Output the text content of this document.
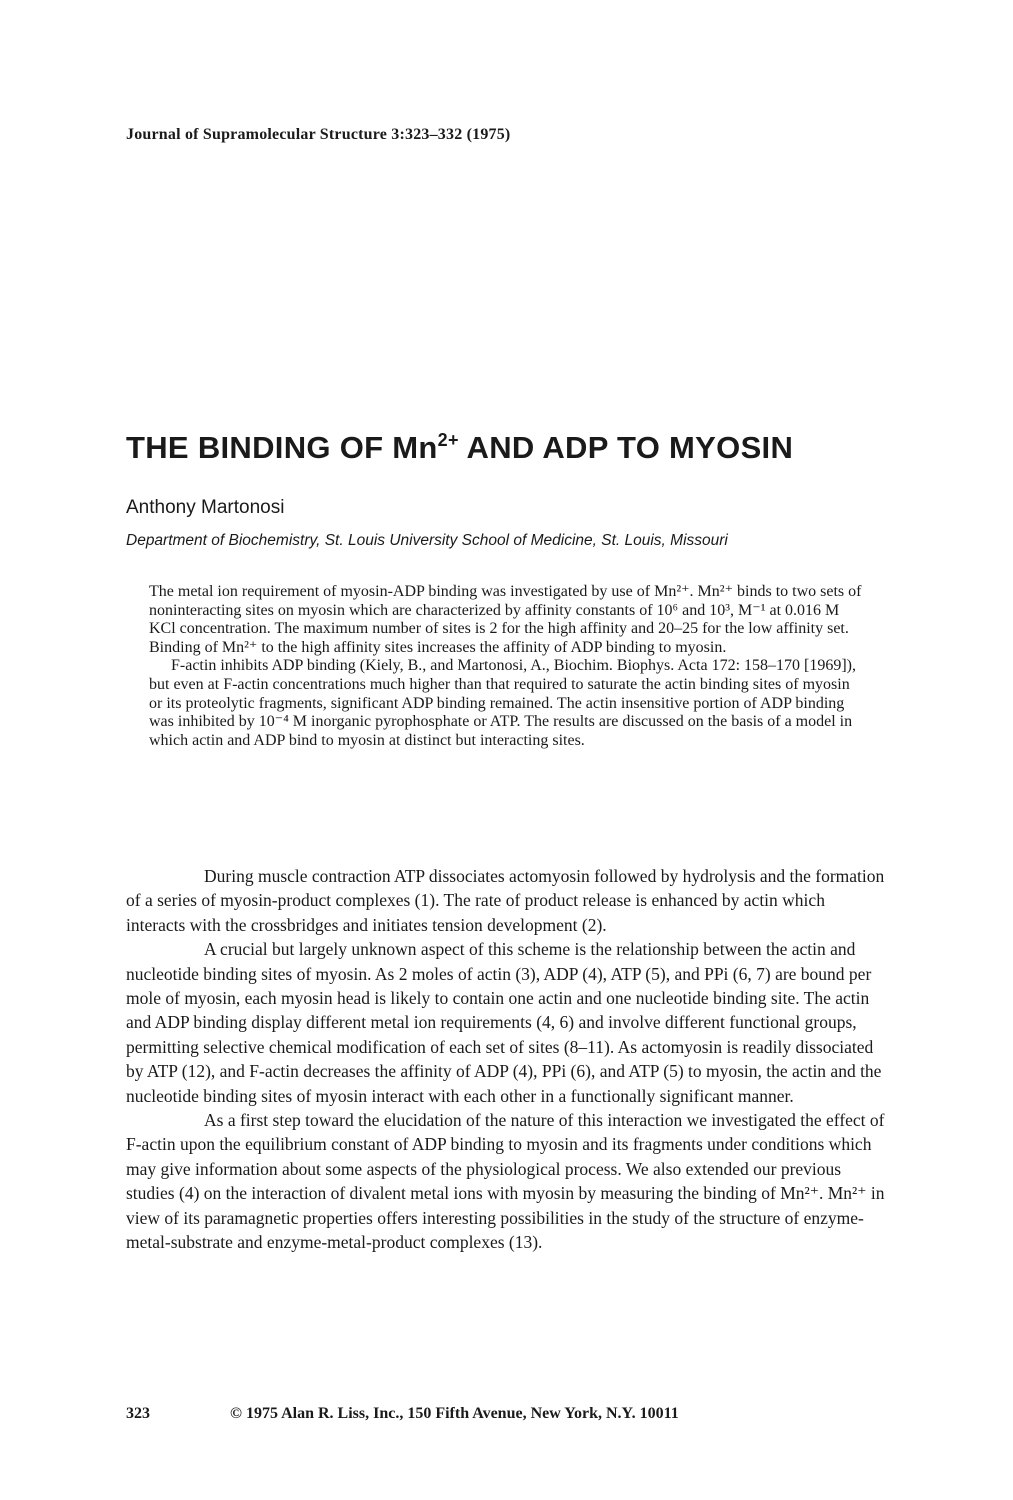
Journal of Supramolecular Structure 3:323–332 (1975)
THE BINDING OF $Mn^{2+}$ AND ADP TO MYOSIN
Anthony Martonosi
Department of Biochemistry, St. Louis University School of Medicine, St. Louis, Missouri

The metal ion requirement of myosin-ADP binding was investigated by use of Mn²⁺. Mn²⁺ binds to two sets of noninteracting sites on myosin which are characterized by affinity constants of 10⁶ and 10³, M⁻¹ at 0.016 M KCl concentration. The maximum number of sites is 2 for the high affinity and 20–25 for the low affinity set. Binding of Mn²⁺ to the high affinity sites increases the affinity of ADP binding to myosin.

F-actin inhibits ADP binding (Kiely, B., and Martonosi, A., Biochim. Biophys. Acta 172: 158–170 [1969]), but even at F-actin concentrations much higher than that required to saturate the actin binding sites of myosin or its proteolytic fragments, significant ADP binding remained. The actin insensitive portion of ADP binding was inhibited by 10⁻⁴ M inorganic pyrophosphate or ATP. The results are discussed on the basis of a model in which actin and ADP bind to myosin at distinct but interacting sites.

During muscle contraction ATP dissociates actomyosin followed by hydrolysis and the formation of a series of myosin-product complexes (1). The rate of product release is enhanced by actin which interacts with the crossbridges and initiates tension development (2).

A crucial but largely unknown aspect of this scheme is the relationship between the actin and nucleotide binding sites of myosin. As 2 moles of actin (3), ADP (4), ATP (5), and PPi (6, 7) are bound per mole of myosin, each myosin head is likely to contain one actin and one nucleotide binding site. The actin and ADP binding display different metal ion requirements (4, 6) and involve different functional groups, permitting selective chemical modification of each set of sites (8–11). As actomyosin is readily dissociated by ATP (12), and F-actin decreases the affinity of ADP (4), PPi (6), and ATP (5) to myosin, the actin and the nucleotide binding sites of myosin interact with each other in a functionally significant manner.

As a first step toward the elucidation of the nature of this interaction we investigated the effect of F-actin upon the equilibrium constant of ADP binding to myosin and its fragments under conditions which may give information about some aspects of the physiological process. We also extended our previous studies (4) on the interaction of divalent metal ions with myosin by measuring the binding of Mn²⁺. Mn²⁺ in view of its paramagnetic properties offers interesting possibilities in the study of the structure of enzyme-metal-substrate and enzyme-metal-product complexes (13).

323	© 1975 Alan R. Liss, Inc., 150 Fifth Avenue, New York, N.Y. 10011
